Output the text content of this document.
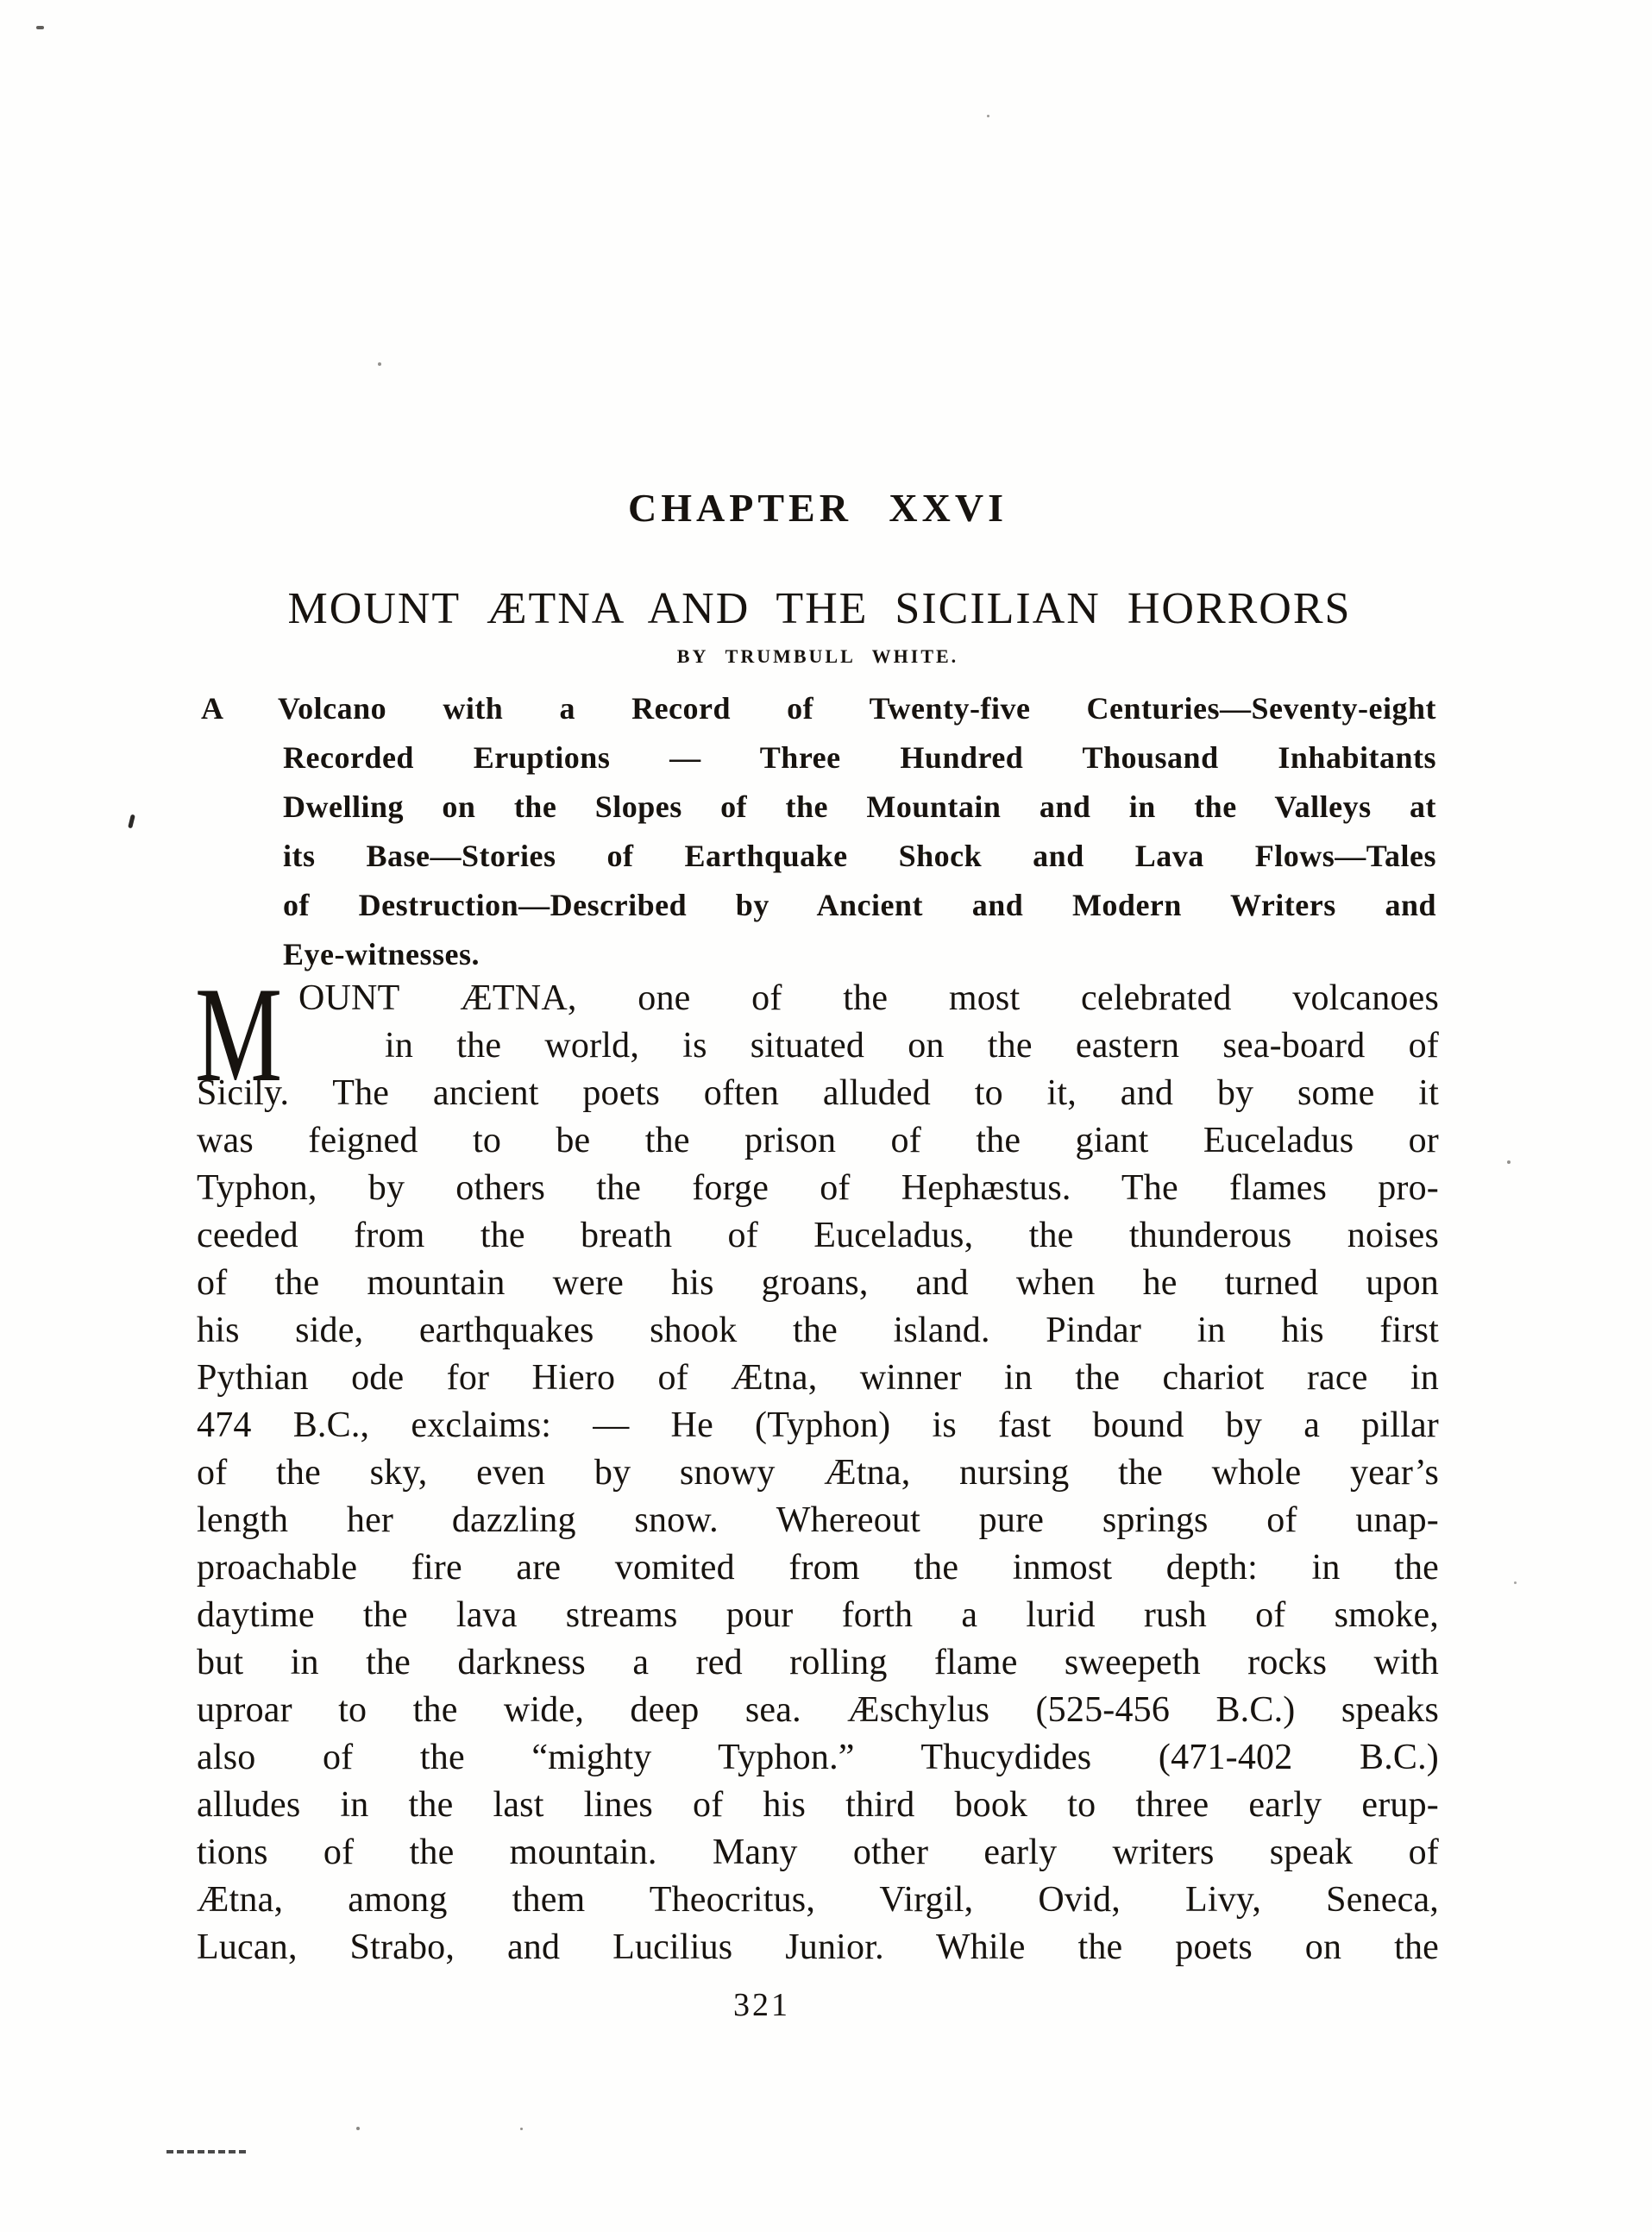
CHAPTER XXVI
MOUNT ÆTNA AND THE SICILIAN HORRORS
BY TRUMBULL WHITE.
A Volcano with a Record of Twenty-five Centuries—Seventy-eight
Recorded Eruptions — Three Hundred Thousand Inhabitants
Dwelling on the Slopes of the Mountain and in the Valleys at
its Base—Stories of Earthquake Shock and Lava Flows—Tales
of Destruction—Described by Ancient and Modern Writers and
Eye-witnesses.
M OUNT ÆTNA, one of the most celebrated volcanoes
in the world, is situated on the eastern sea-board of
Sicily. The ancient poets often alluded to it, and by some it
was feigned to be the prison of the giant Euceladus or
Typhon, by others the forge of Hephæstus. The flames pro-
ceeded from the breath of Euceladus, the thunderous noises
of the mountain were his groans, and when he turned upon
his side, earthquakes shook the island. Pindar in his first
Pythian ode for Hiero of Ætna, winner in the chariot race in
474 B.C., exclaims: — He (Typhon) is fast bound by a pillar
of the sky, even by snowy Ætna, nursing the whole year’s
length her dazzling snow. Whereout pure springs of unap-
proachable fire are vomited from the inmost depth: in the
daytime the lava streams pour forth a lurid rush of smoke,
but in the darkness a red rolling flame sweepeth rocks with
uproar to the wide, deep sea. Æschylus (525-456 B.C.) speaks
also of the “mighty Typhon.” Thucydides (471-402 B.C.)
alludes in the last lines of his third book to three early erup-
tions of the mountain. Many other early writers speak of
Ætna, among them Theocritus, Virgil, Ovid, Livy, Seneca,
Lucan, Strabo, and Lucilius Junior. While the poets on the
321
